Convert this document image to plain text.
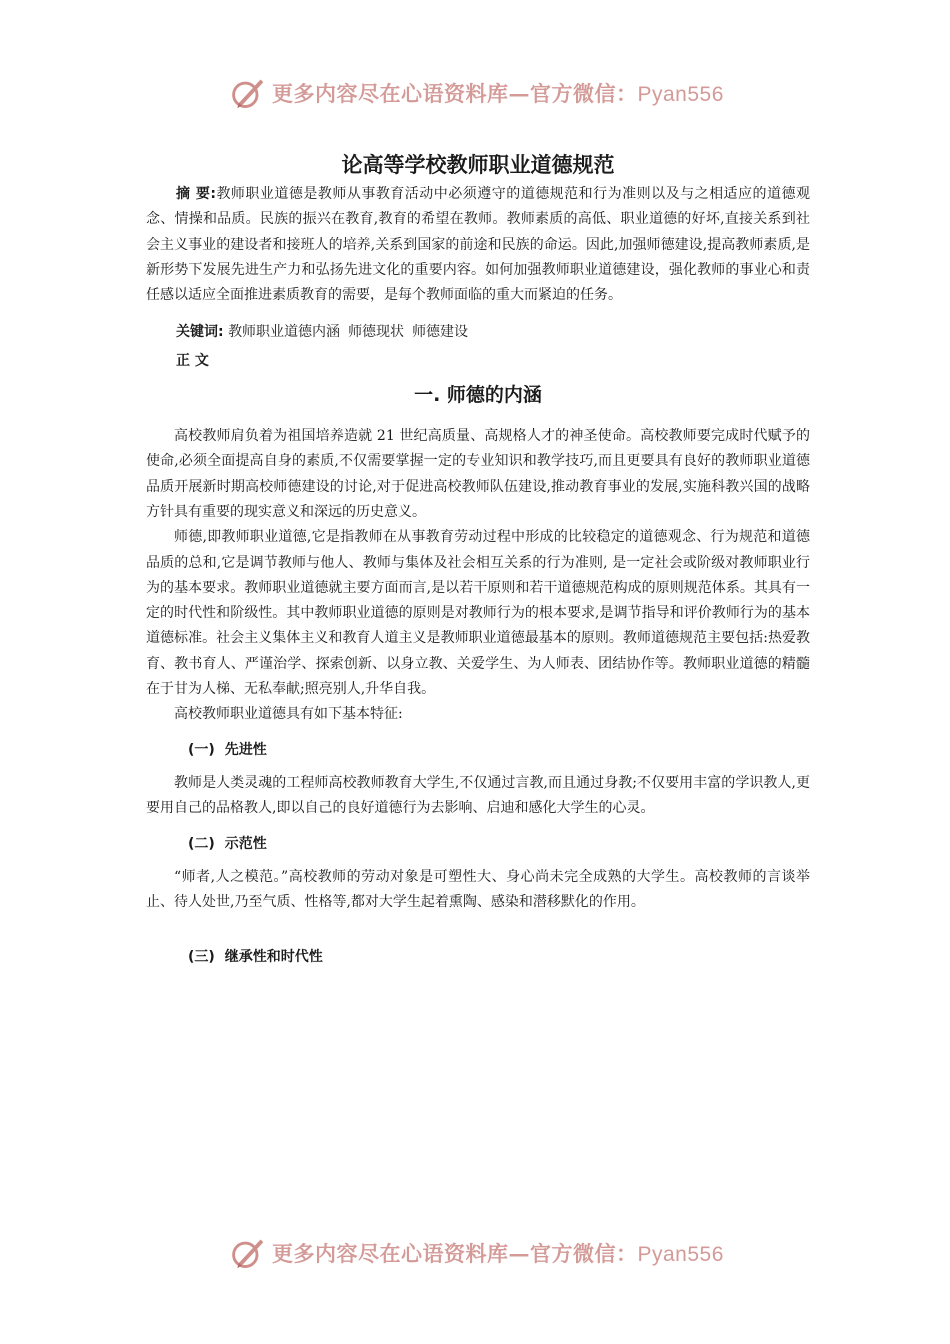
更多内容尽在心语资料库—官方微信：Pyan556
论高等学校教师职业道德规范

摘 要:教师职业道德是教师从事教育活动中必须遵守的道德规范和行为准则以及与之相适应的道德观念、情操和品质。民族的振兴在教育,教育的希望在教师。教师素质的高低、职业道德的好坏,直接关系到社会主义事业的建设者和接班人的培养,关系到国家的前途和民族的命运。因此,加强师德建设,提高教师素质,是新形势下发展先进生产力和弘扬先进文化的重要内容。如何加强教师职业道德建设，强化教师的事业心和责任感以适应全面推进素质教育的需要，是每个教师面临的重大而紧迫的任务。

关键词: 教师职业道德内涵 师德现状 师德建设

正 文
一. 师德的内涵

高校教师肩负着为祖国培养造就 21 世纪高质量、高规格人才的神圣使命。高校教师要完成时代赋予的使命,必须全面提高自身的素质,不仅需要掌握一定的专业知识和教学技巧,而且更要具有良好的教师职业道德品质开展新时期高校师德建设的讨论,对于促进高校教师队伍建设,推动教育事业的发展,实施科教兴国的战略方针具有重要的现实意义和深远的历史意义。

师德,即教师职业道德,它是指教师在从事教育劳动过程中形成的比较稳定的道德观念、行为规范和道德品质的总和,它是调节教师与他人、教师与集体及社会相互关系的行为准则, 是一定社会或阶级对教师职业行为的基本要求。教师职业道德就主要方面而言,是以若干原则和若干道德规范构成的原则规范体系。其具有一定的时代性和阶级性。其中教师职业道德的原则是对教师行为的根本要求,是调节指导和评价教师行为的基本道德标准。社会主义集体主义和教育人道主义是教师职业道德最基本的原则。教师道德规范主要包括:热爱教育、教书育人、严谨治学、探索创新、以身立教、关爱学生、为人师表、团结协作等。教师职业道德的精髓在于甘为人梯、无私奉献;照亮别人,升华自我。

高校教师职业道德具有如下基本特征:

(一) 先进性

教师是人类灵魂的工程师高校教师教育大学生,不仅通过言教,而且通过身教;不仅要用丰富的学识教人,更要用自己的品格教人,即以自己的良好道德行为去影响、启迪和感化大学生的心灵。

(二) 示范性

“师者,人之模范。”高校教师的劳动对象是可塑性大、身心尚未完全成熟的大学生。高校教师的言谈举止、待人处世,乃至气质、性格等,都对大学生起着熏陶、感染和潜移默化的作用。

(三) 继承性和时代性
更多内容尽在心语资料库—官方微信：Pyan556
